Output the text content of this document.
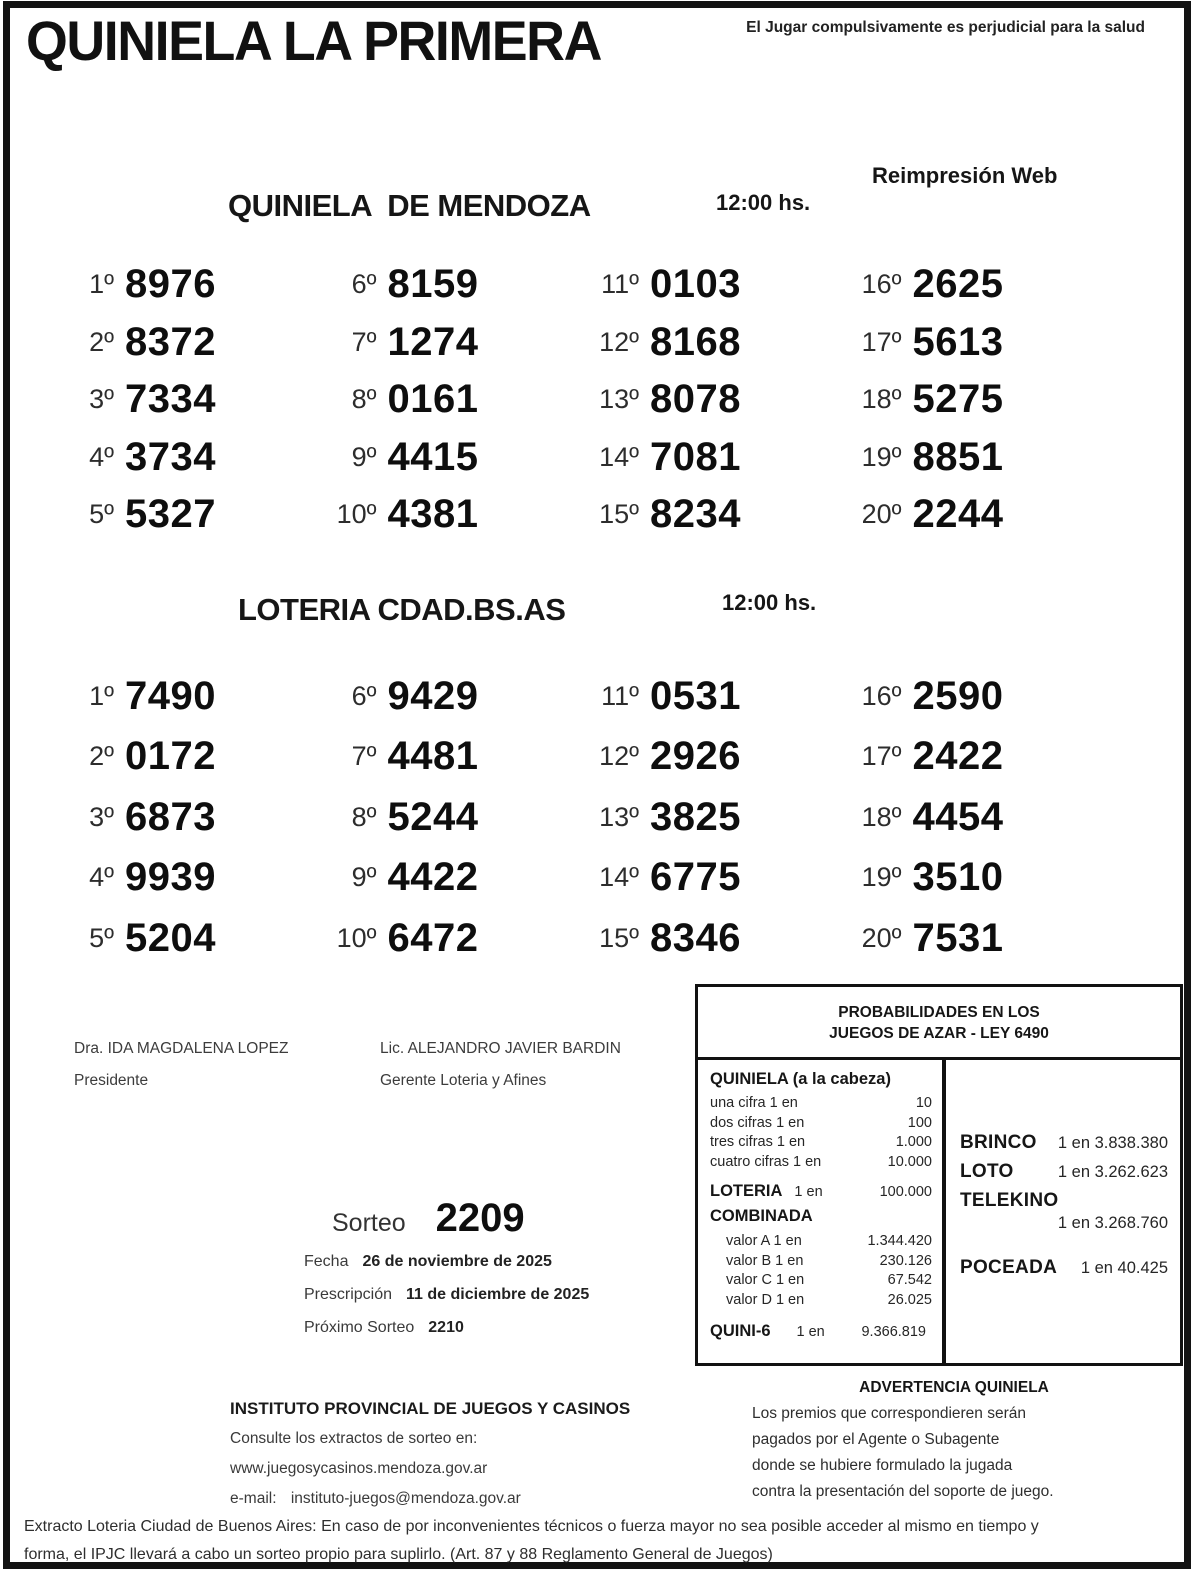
QUINIELA LA PRIMERA	El Jugar compulsivamente es perjudicial para la salud
QUINIELA  DE MENDOZA	12:00 hs.
Reimpresión Web
1º 8976
2º 8372
3º 7334
4º 3734
5º 5327
6º 8159
7º 1274
8º 0161
9º 4415
10º 4381
11º 0103
12º 8168
13º 8078
14º 7081
15º 8234
16º 2625
17º 5613
18º 5275
19º 8851
20º 2244
LOTERIA CDAD.BS.AS	12:00 hs.
1º 7490
2º 0172
3º 6873
4º 9939
5º 5204
6º 9429
7º 4481
8º 5244
9º 4422
10º 6472
11º 0531
12º 2926
13º 3825
14º 6775
15º 8346
16º 2590
17º 2422
18º 4454
19º 3510
20º 7531
Dra. IDA MAGDALENA LOPEZ
Presidente
Lic. ALEJANDRO JAVIER BARDIN
Gerente Loteria y Afines
Sorteo 2209
Fecha 26 de noviembre de 2025
Prescripción 11 de diciembre de 2025
Próximo Sorteo 2210
PROBABILIDADES EN LOS
JUEGOS DE AZAR - LEY 6490
QUINIELA (a la cabeza)
una cifra 1 en	10
dos cifras 1 en	100
tres cifras 1 en	1.000
cuatro cifras 1 en	10.000
LOTERIA 1 en	100.000
COMBINADA
valor A 1 en	1.344.420
valor B 1 en	230.126
valor C 1 en	67.542
valor D 1 en	26.025
QUINI-6 1 en	9.366.819
BRINCO 1 en 3.838.380
LOTO	1 en 3.262.623
TELEKINO
1 en 3.268.760
POCEADA 1 en 40.425
ADVERTENCIA QUINIELA
Los premios que correspondieren serán
pagados por el Agente o Subagente
donde se hubiere formulado la jugada
contra la presentación del soporte de juego.
INSTITUTO PROVINCIAL DE JUEGOS Y CASINOS
Consulte los extractos de sorteo en:
www.juegosycasinos.mendoza.gov.ar
e-mail: instituto-juegos@mendoza.gov.ar
Extracto Loteria Ciudad de Buenos Aires: En caso de por inconvenientes técnicos o fuerza mayor no sea posible acceder al mismo en tiempo y
forma, el IPJC llevará a cabo un sorteo propio para suplirlo. (Art. 87 y 88 Reglamento General de Juegos)
